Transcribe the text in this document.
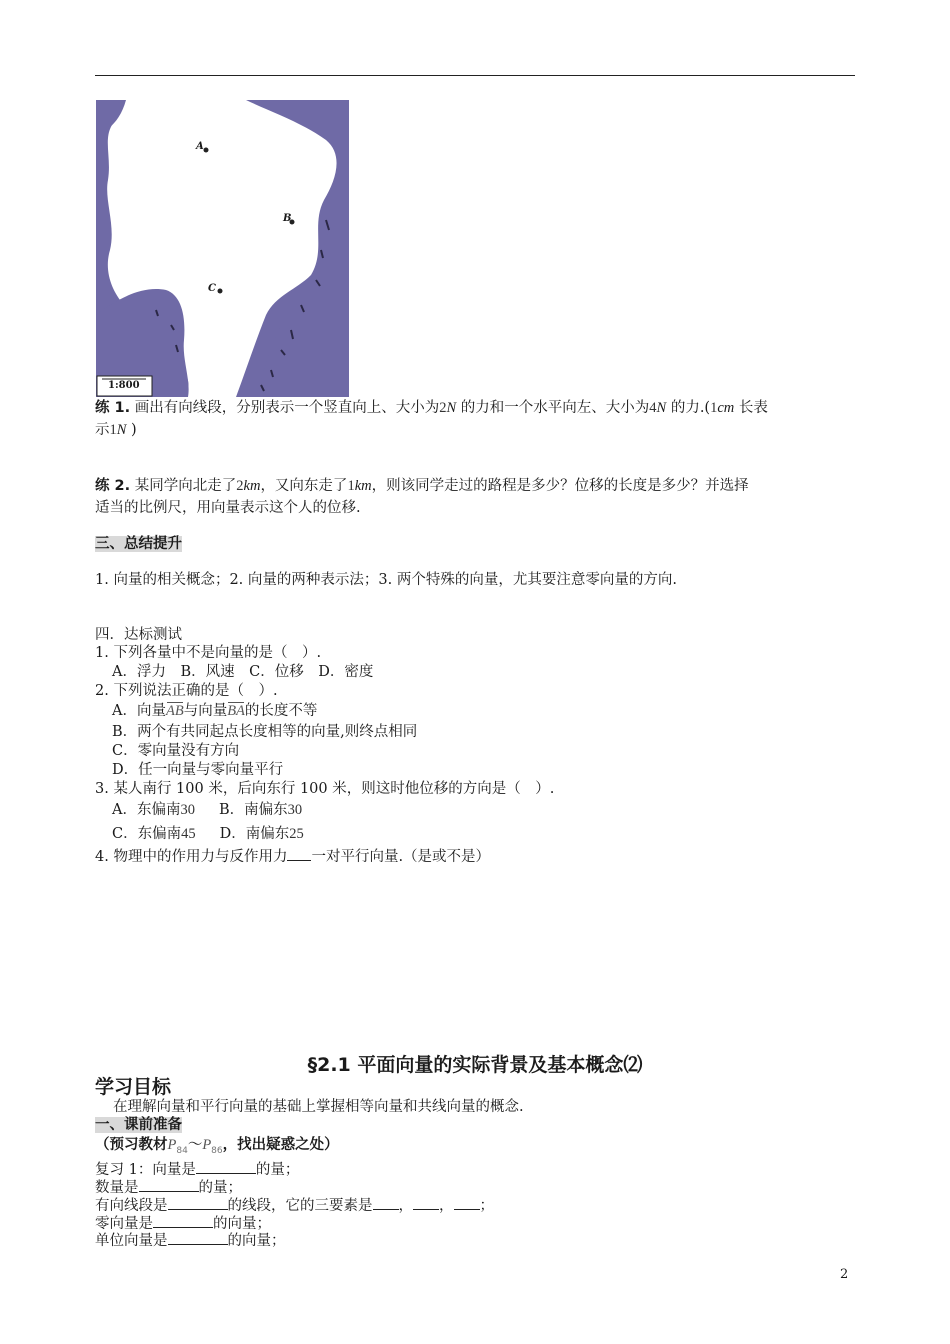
A
B
C
1:800
练 1. 画出有向线段，分别表示一个竖直向上、大小为2N 的力和一个水平向左、大小为4N 的力.(1cm 长表
示1N )
练 2. 某同学向北走了2km，又向东走了1km，则该同学走过的路程是多少？位移的长度是多少？并选择
适当的比例尺，用向量表示这个人的位移.
三、总结提升
1. 向量的相关概念；2. 向量的两种表示法；3. 两个特殊的向量，尤其要注意零向量的方向.
四．达标测试
1. 下列各量中不是向量的是（　）.
A．浮力　B．风速　C．位移　D．密度
2. 下列说法正确的是（　）.
A．向量AB
与向量BA
的长度不等
B．两个有共同起点长度相等的向量,则终点相同
C．零向量没有方向
D．任一向量与零向量平行
3. 某人南行 100 米，后向东行 100 米，则这时他位移的方向是（　）.
A．东偏南30 B．南偏东30
C．东偏南45 D．南偏东25
4. 物理中的作用力与反作用力 一对平行向量.（是或不是）
§2.1 平面向量的实际背景及基本概念⑵
学习目标
在理解向量和平行向量的基础上掌握相等向量和共线向量的概念.
一、课前准备
（预习教材$P_{84}\sim P_{86}$，找出疑惑之处）
复习 1：向量是	的量；
数量是	的量；
有向线段是	的线段，它的三要素是 ， ， ；
零向量是	的向量；
单位向量是	的向量；
2
